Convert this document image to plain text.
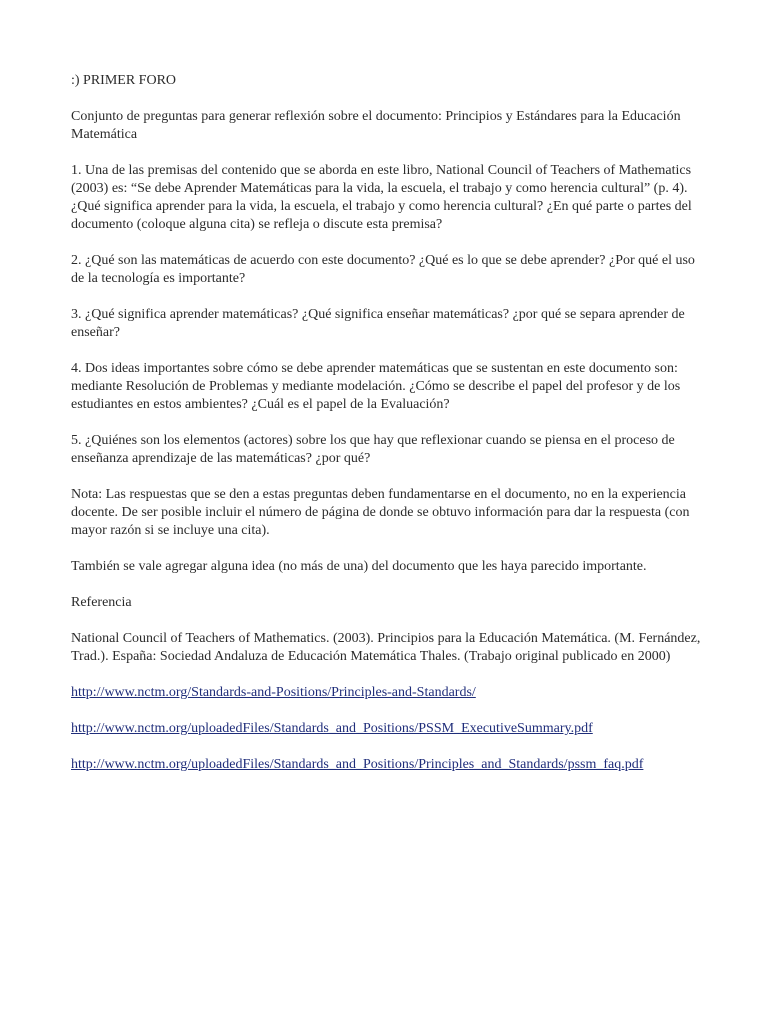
:) PRIMER FORO

Conjunto de preguntas para generar reflexión sobre el documento: Principios y Estándares para la Educación Matemática

1. Una de las premisas del contenido que se aborda en este libro, National Council of Teachers of Mathematics (2003) es: “Se debe Aprender Matemáticas para la vida, la escuela, el trabajo y como herencia cultural” (p. 4). ¿Qué significa aprender para la vida, la escuela, el trabajo y como herencia cultural? ¿En qué parte o partes del documento (coloque alguna cita) se refleja o discute esta premisa?

2. ¿Qué son las matemáticas de acuerdo con este documento? ¿Qué es lo que se debe aprender? ¿Por qué el uso de la tecnología es importante?

3. ¿Qué significa aprender matemáticas? ¿Qué significa enseñar matemáticas? ¿por qué se separa aprender de enseñar?

4. Dos ideas importantes sobre cómo se debe aprender matemáticas que se sustentan en este documento son: mediante Resolución de Problemas y mediante modelación. ¿Cómo se describe el papel del profesor y de los estudiantes en estos ambientes? ¿Cuál es el papel de la Evaluación?

5. ¿Quiénes son los elementos (actores) sobre los que hay que reflexionar cuando se piensa en el proceso de enseñanza aprendizaje de las matemáticas? ¿por qué?

Nota: Las respuestas que se den a estas preguntas deben fundamentarse en el documento, no en la experiencia docente. De ser posible incluir el número de página de donde se obtuvo información para dar la respuesta (con mayor razón si se incluye una cita).

También se vale agregar alguna idea (no más de una) del documento que les haya parecido importante.

Referencia

National Council of Teachers of Mathematics. (2003). Principios para la Educación Matemática. (M. Fernández, Trad.). España: Sociedad Andaluza de Educación Matemática Thales. (Trabajo original publicado en 2000)

http://www.nctm.org/Standards-and-Positions/Principles-and-Standards/
http://www.nctm.org/uploadedFiles/Standards_and_Positions/PSSM_ExecutiveSummary.pdf
http://www.nctm.org/uploadedFiles/Standards_and_Positions/Principles_and_Standards/pssm_faq.pdf
